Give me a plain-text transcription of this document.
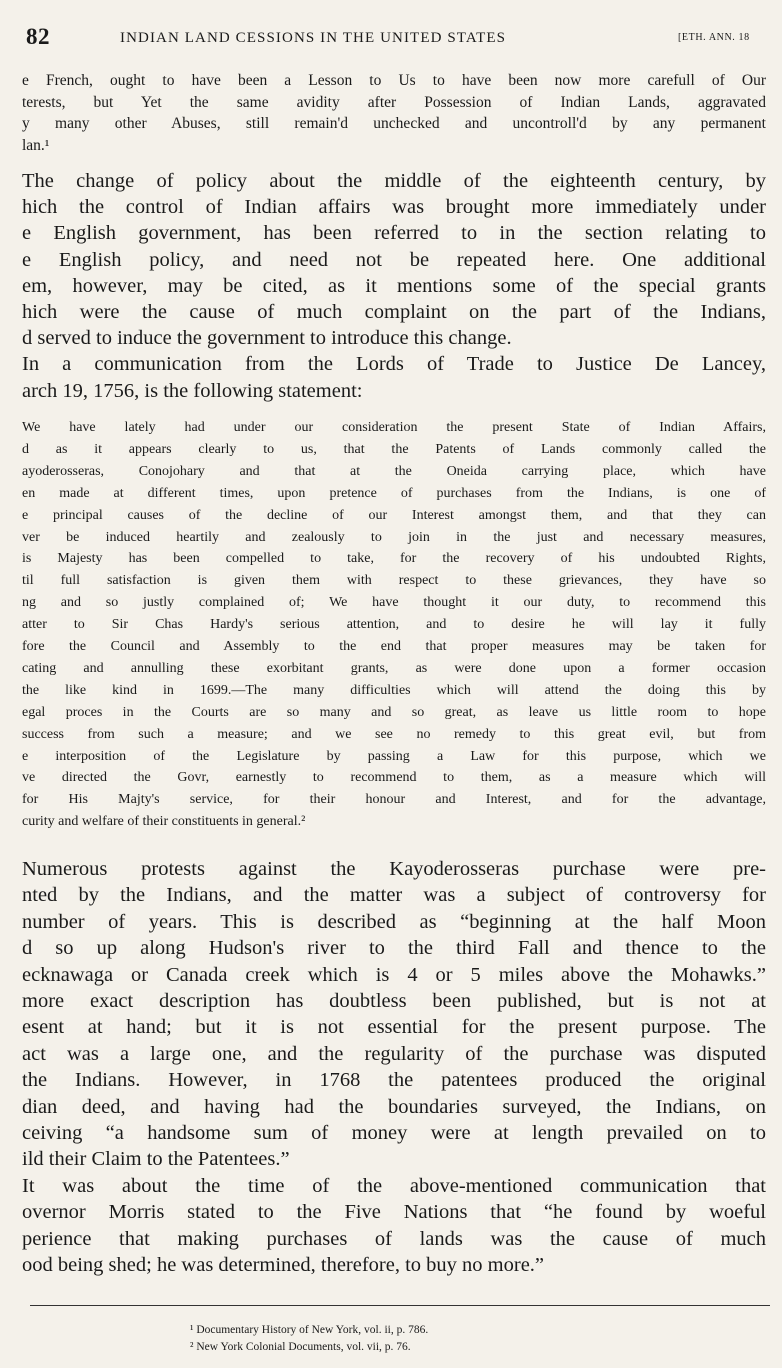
82	INDIAN LAND CESSIONS IN THE UNITED STATES	[ETH. ANN. 18
e French, ought to have been a Lesson to Us to have been now more carefull of Our
terests, but Yet the same avidity after Possession of Indian Lands, aggravated
y many other Abuses, still remain'd unchecked and uncontroll'd by any permanent
lan.¹
The change of policy about the middle of the eighteenth century, by
hich the control of Indian affairs was brought more immediately under
e English government, has been referred to in the section relating to
e English policy, and need not be repeated here. One additional
em, however, may be cited, as it mentions some of the special grants
hich were the cause of much complaint on the part of the Indians,
d served to induce the government to introduce this change.
In a communication from the Lords of Trade to Justice De Lancey,
arch 19, 1756, is the following statement:
We have lately had under our consideration the present State of Indian Affairs,
d as it appears clearly to us, that the Patents of Lands commonly called the
ayoderosseras, Conojohary and that at the Oneida carrying place, which have
en made at different times, upon pretence of purchases from the Indians, is one of
e principal causes of the decline of our Interest amongst them, and that they can
ver be induced heartily and zealously to join in the just and necessary measures,
is Majesty has been compelled to take, for the recovery of his undoubted Rights,
til full satisfaction is given them with respect to these grievances, they have so
ng and so justly complained of; We have thought it our duty, to recommend this
atter to Sir Chas Hardy's serious attention, and to desire he will lay it fully
fore the Council and Assembly to the end that proper measures may be taken for
cating and annulling these exorbitant grants, as were done upon a former occasion
the like kind in 1699.—The many difficulties which will attend the doing this by
egal proces in the Courts are so many and so great, as leave us little room to hope
success from such a measure; and we see no remedy to this great evil, but from
e interposition of the Legislature by passing a Law for this purpose, which we
ve directed the Govr, earnestly to recommend to them, as a measure which will
for His Majty's service, for their honour and Interest, and for the advantage,
curity and welfare of their constituents in general.²
Numerous protests against the Kayoderosseras purchase were pre-
nted by the Indians, and the matter was a subject of controversy for
number of years. This is described as “beginning at the half Moon
d so up along Hudson's river to the third Fall and thence to the
ecknawaga or Canada creek which is 4 or 5 miles above the Mohawks.”
more exact description has doubtless been published, but is not at
esent at hand; but it is not essential for the present purpose. The
act was a large one, and the regularity of the purchase was disputed
the Indians. However, in 1768 the patentees produced the original
dian deed, and having had the boundaries surveyed, the Indians, on
ceiving “a handsome sum of money were at length prevailed on to
ild their Claim to the Patentees.”
It was about the time of the above-mentioned communication that
overnor Morris stated to the Five Nations that “he found by woeful
perience that making purchases of lands was the cause of much
ood being shed; he was determined, therefore, to buy no more.”
¹ Documentary History of New York, vol. ii, p. 786.
² New York Colonial Documents, vol. vii, p. 76.
